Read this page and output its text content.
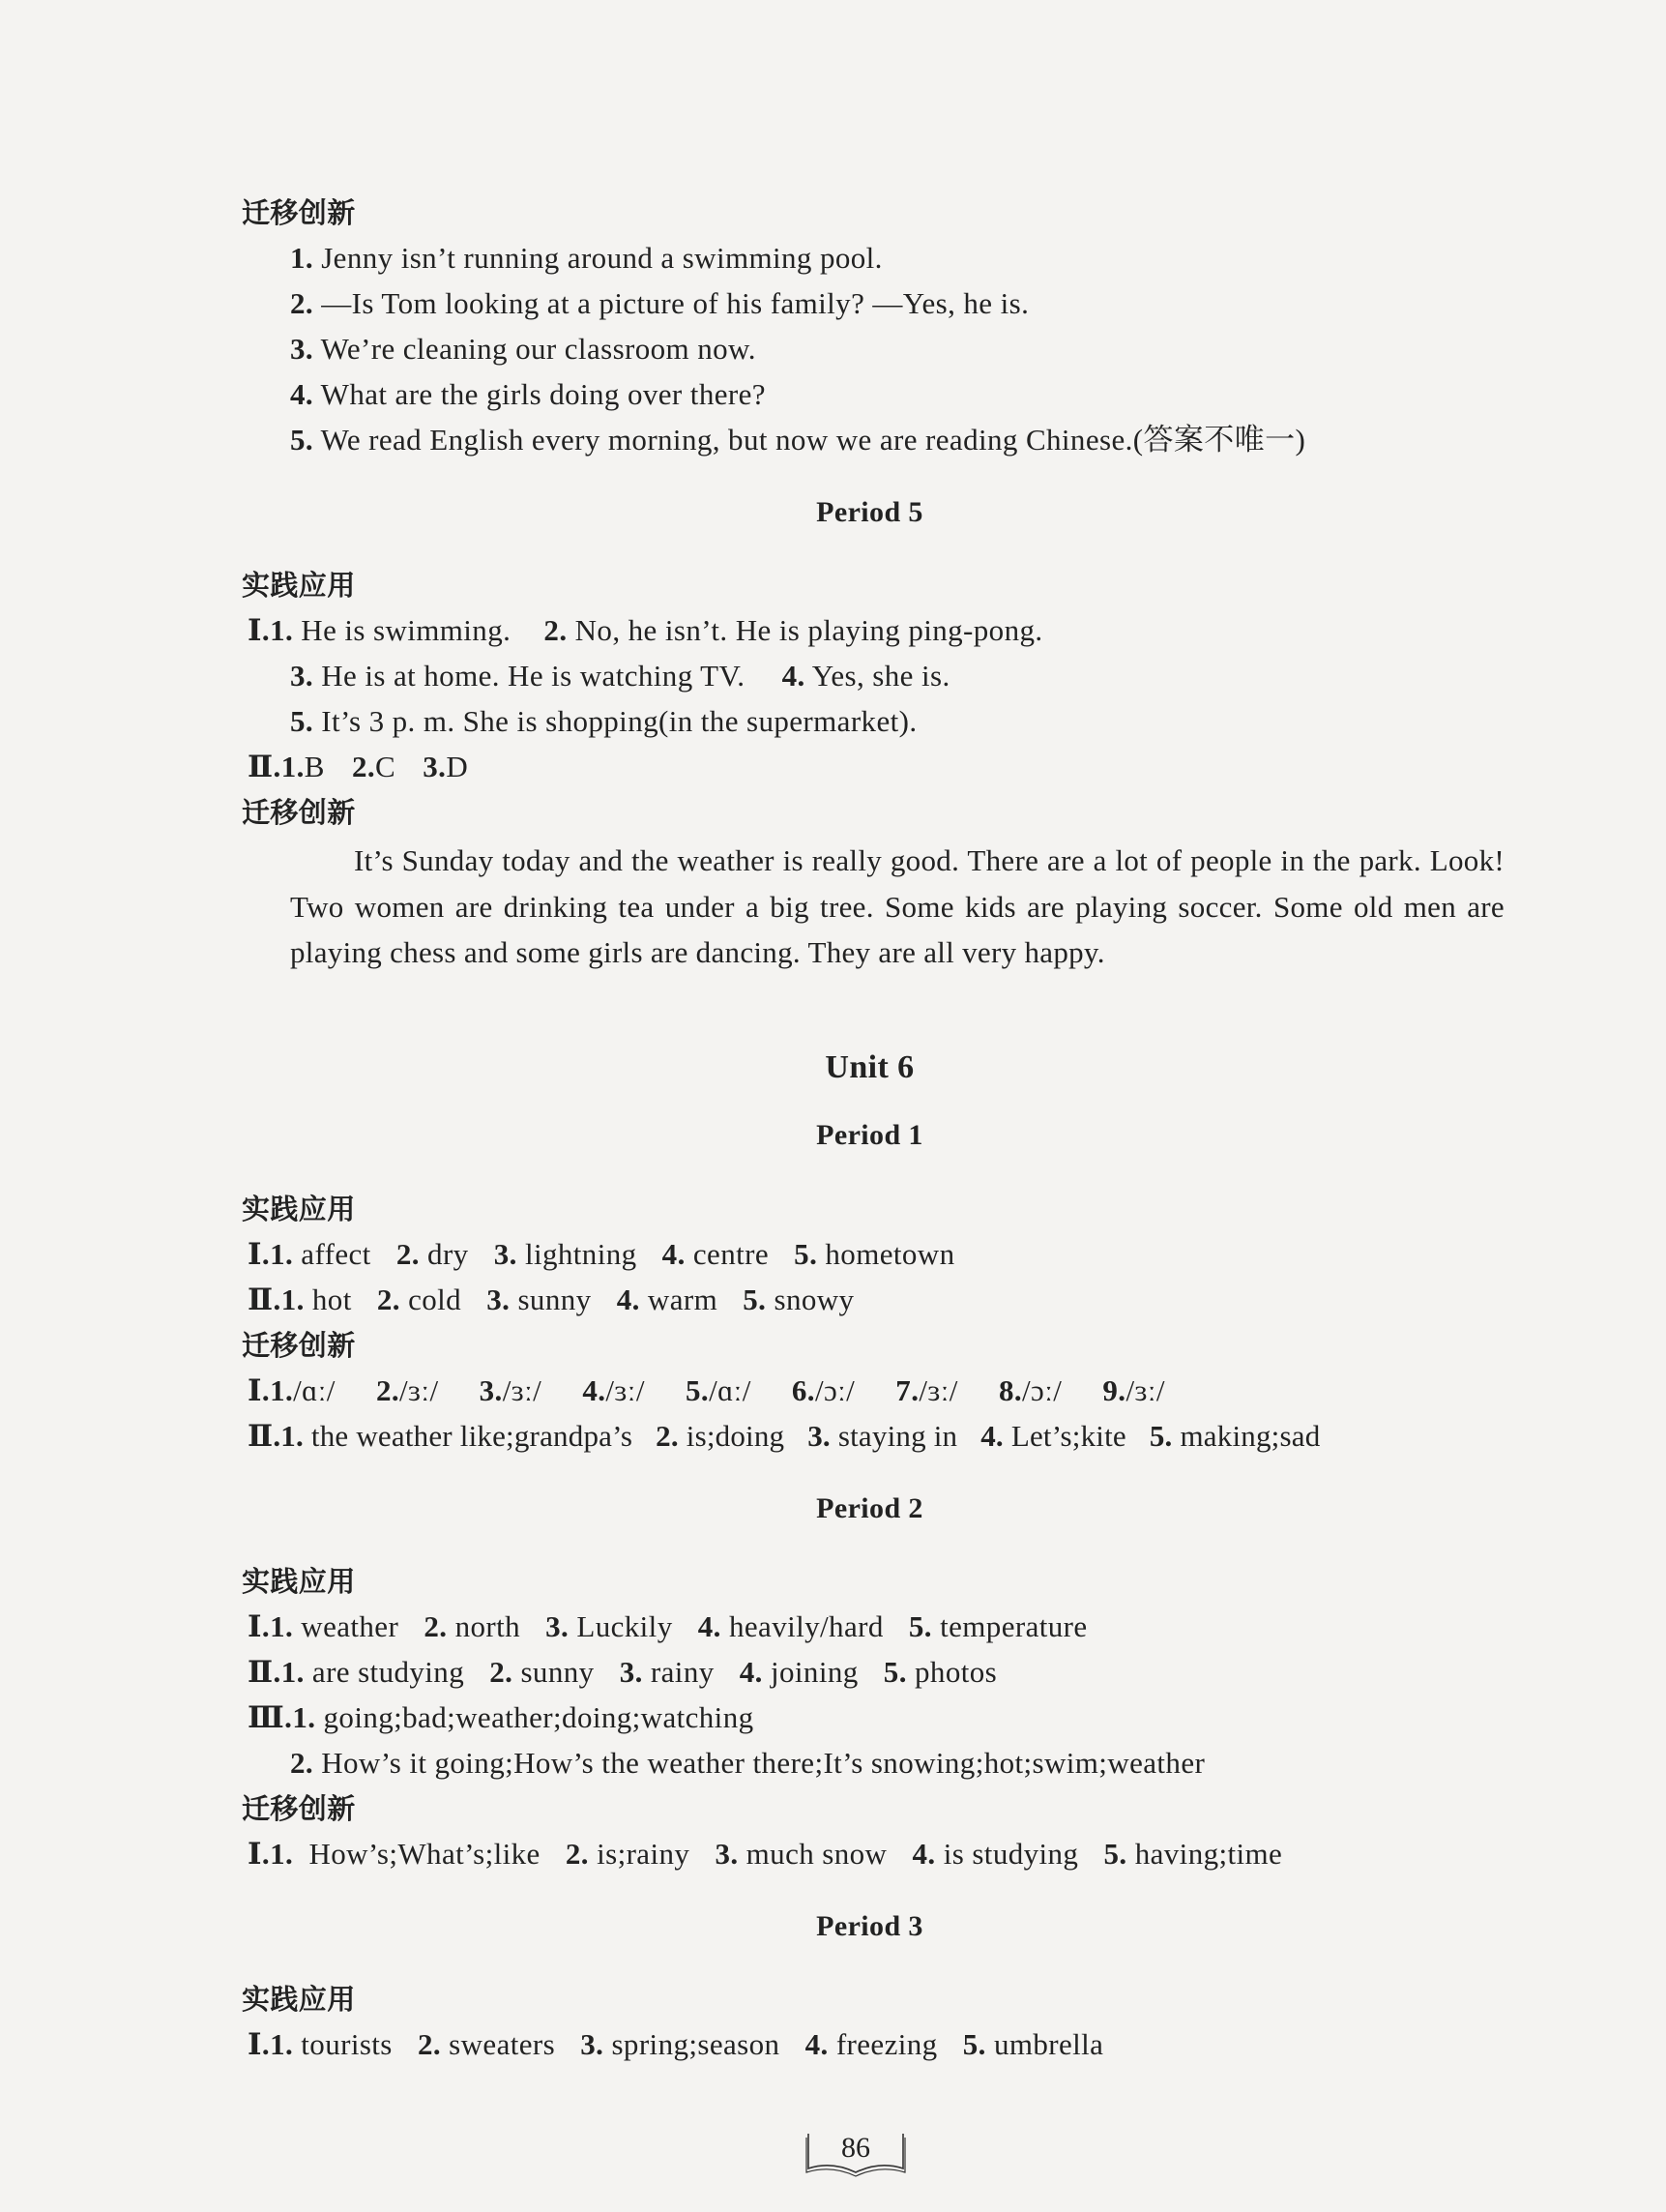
迁移创新
1. Jenny isn’t running around a swimming pool.
2. —Is Tom looking at a picture of his family? —Yes, he is.
3. We’re cleaning our classroom now.
4. What are the girls doing over there?
5. We read English every morning, but now we are reading Chinese.(答案不唯一)
Period 5
实践应用
Ⅰ.1. He is swimming. 2. No, he isn’t. He is playing ping-pong.
3. He is at home. He is watching TV. 4. Yes, she is.
5. It’s 3 p. m. She is shopping(in the supermarket).
Ⅱ.1.B 2.C 3.D
迁移创新
It’s Sunday today and the weather is really good. There are a lot of people in the park. Look! Two women are drinking tea under a big tree. Some kids are playing soccer. Some old men are playing chess and some girls are dancing. They are all very happy.
Unit 6
Period 1
实践应用
Ⅰ.1. affect 2. dry 3. lightning 4. centre 5. hometown
Ⅱ.1. hot 2. cold 3. sunny 4. warm 5. snowy
迁移创新
Ⅰ.1./ɑː/ 2./ɜː/ 3./ɜː/ 4./ɜː/ 5./ɑː/ 6./ɔː/ 7./ɜː/ 8./ɔː/ 9./ɜː/
Ⅱ.1. the weather like;grandpa’s 2. is;doing 3. staying in 4. Let’s;kite 5. making;sad
Period 2
实践应用
Ⅰ.1. weather 2. north 3. Luckily 4. heavily/hard 5. temperature
Ⅱ.1. are studying 2. sunny 3. rainy 4. joining 5. photos
Ⅲ.1. going;bad;weather;doing;watching
2. How’s it going;How’s the weather there;It’s snowing;hot;swim;weather
迁移创新
Ⅰ.1. How’s;What’s;like 2. is;rainy 3. much snow 4. is studying 5. having;time
Period 3
实践应用
Ⅰ.1. tourists 2. sweaters 3. spring;season 4. freezing 5. umbrella
86
